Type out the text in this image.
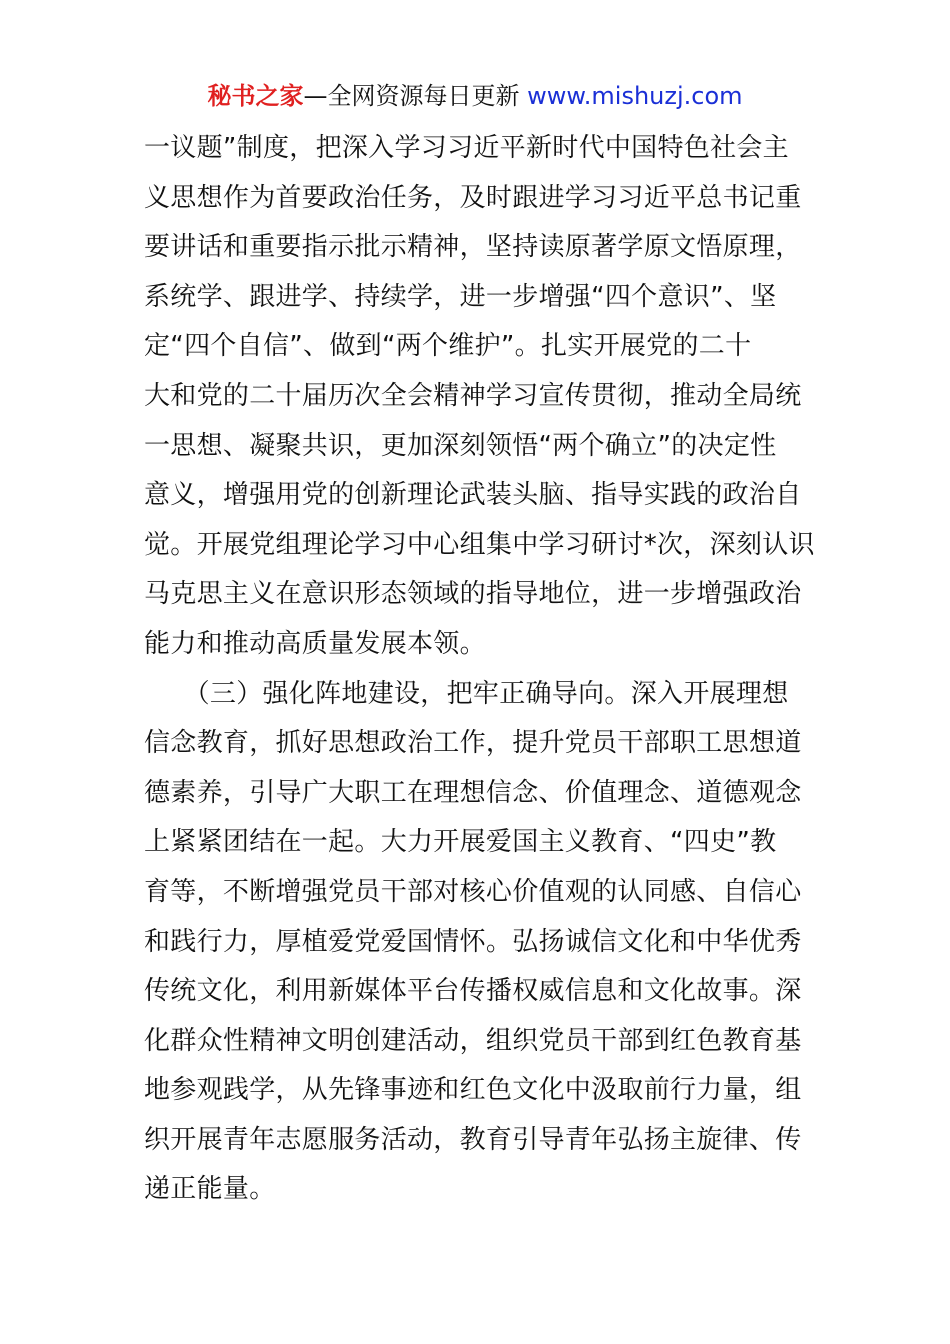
秘书之家—全网资源每日更新 www.mishuzj.com
一议题”制度，把深入学习习近平新时代中国特色社会主
义思想作为首要政治任务，及时跟进学习习近平总书记重
要讲话和重要指示批示精神，坚持读原著学原文悟原理，
系统学、跟进学、持续学，进一步增强“四个意识”、坚
定“四个自信”、做到“两个维护”。扎实开展党的二十
大和党的二十届历次全会精神学习宣传贯彻，推动全局统
一思想、凝聚共识，更加深刻领悟“两个确立”的决定性
意义，增强用党的创新理论武装头脑、指导实践的政治自
觉。开展党组理论学习中心组集中学习研讨*次，深刻认识
马克思主义在意识形态领域的指导地位，进一步增强政治
能力和推动高质量发展本领。
　　（三）强化阵地建设，把牢正确导向。深入开展理想
信念教育，抓好思想政治工作，提升党员干部职工思想道
德素养，引导广大职工在理想信念、价值理念、道德观念
上紧紧团结在一起。大力开展爱国主义教育、“四史”教
育等，不断增强党员干部对核心价值观的认同感、自信心
和践行力，厚植爱党爱国情怀。弘扬诚信文化和中华优秀
传统文化，利用新媒体平台传播权威信息和文化故事。深
化群众性精神文明创建活动，组织党员干部到红色教育基
地参观践学，从先锋事迹和红色文化中汲取前行力量，组
织开展青年志愿服务活动，教育引导青年弘扬主旋律、传
递正能量。
